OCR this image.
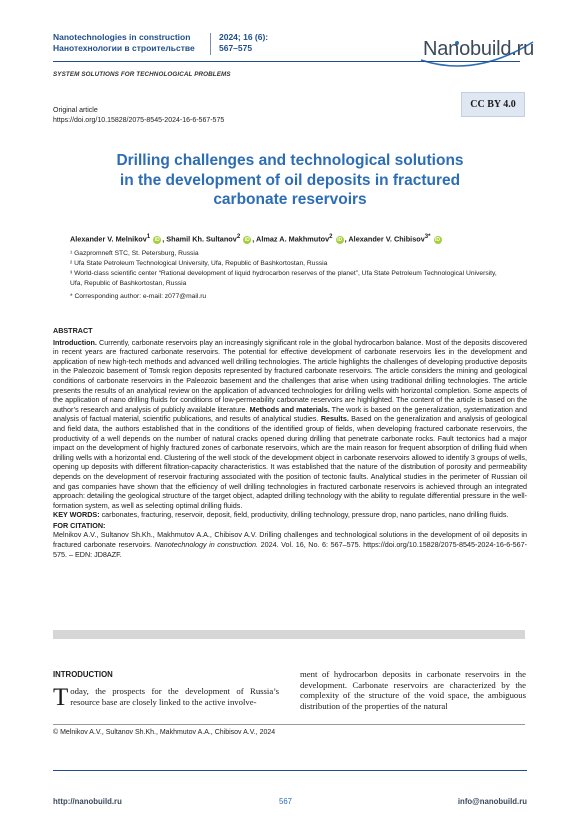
Nanotechnologies in construction
Нанотехнологии в строительстве
2024; 16 (6):
567–575	Nanobuild.ru
SYSTEM SOLUTIONS FOR TECHNOLOGICAL PROBLEMS
Original article
https://doi.org/10.15828/2075-8545-2024-16-6-567-575
CC BY 4.0
Drilling challenges and technological solutions
in the development of oil deposits in fractured
carbonate reservoirs
Alexander V. Melnikov$^1$ iD , Shamil Kh. Sultanov$^2$ iD , Almaz A. Makhmutov$^2$ iD , Alexander V. Chibisov$^{3*}$ iD
¹ Gazpromneft STC, St. Petersburg, Russia
² Ufa State Petroleum Technological University, Ufa, Republic of Bashkortostan, Russia
³ World-class scientific center “Rational development of liquid hydrocarbon reserves of the planet”, Ufa State Petroleum Technological University, Ufa, Republic of Bashkortostan, Russia
* Corresponding author: e-mail: z077@mail.ru
ABSTRACT
Introduction. Currently, carbonate reservoirs play an increasingly significant role in the global hydrocarbon balance. Most of the deposits discovered in recent years are fractured carbonate reservoirs. The potential for effective development of carbonate reservoirs lies in the development and application of new high-tech methods and advanced well drilling technologies. The article highlights the challenges of developing productive deposits in the Paleozoic basement of Tomsk region deposits represented by fractured carbonate reservoirs. The article considers the mining and geological conditions of carbonate reservoirs in the Paleozoic basement and the challenges that arise when using traditional drilling technologies. The article presents the results of an analytical review on the application of advanced technologies for drilling wells with horizontal completion. Some aspects of the application of nano drilling fluids for conditions of low-permeability carbonate reservoirs are highlighted. The content of the article is based on the author’s research and analysis of publicly available literature. Methods and materials. The work is based on the generalization, systematization and analysis of factual material, scientific publications, and results of analytical studies. Results. Based on the generalization and analysis of geological and field data, the authors established that in the conditions of the identified group of fields, when developing fractured carbonate reservoirs, the productivity of a well depends on the number of natural cracks opened during drilling that penetrate carbonate rocks. Fault tectonics had a major impact on the development of highly fractured zones of carbonate reservoirs, which are the main reason for frequent absorption of drilling fluid when drilling wells with a horizontal end. Clustering of the well stock of the development object in carbonate reservoirs allowed to identify 3 groups of wells, opening up deposits with different filtration-capacity characteristics. It was established that the nature of the distribution of porosity and permeability depends on the development of reservoir fracturing associated with the position of tectonic faults. Analytical studies in the perimeter of Russian oil and gas companies have shown that the efficiency of well drilling technologies in fractured carbonate reservoirs is achieved through an integrated approach: detailing the geological structure of the target object, adapted drilling technology with the ability to regulate differential pressure in the well-formation system, as well as selecting optimal drilling fluids.
KEY WORDS: carbonates, fracturing, reservoir, deposit, field, productivity, drilling technology, pressure drop, nano particles, nano drilling fluids.
FOR CITATION:
Melnikov A.V., Sultanov Sh.Kh., Makhmutov A.A., Chibisov A.V. Drilling challenges and technological solutions in the development of oil deposits in fractured carbonate reservoirs. Nanotechnology in construction. 2024. Vol. 16, No. 6: 567–575. https://doi.org/10.15828/2075-8545-2024-16-6-567-575. – EDN: JD8AZF.
INTRODUCTION
Today, the prospects for the development of Russia’s resource base are closely linked to the active involve-
ment of hydrocarbon deposits in carbonate reservoirs in the development. Carbonate reservoirs are characterized by the complexity of the structure of the void space, the ambiguous distribution of the properties of the natural
© Melnikov A.V., Sultanov Sh.Kh., Makhmutov A.A., Chibisov A.V., 2024
http://nanobuild.ru	567	info@nanobuild.ru
